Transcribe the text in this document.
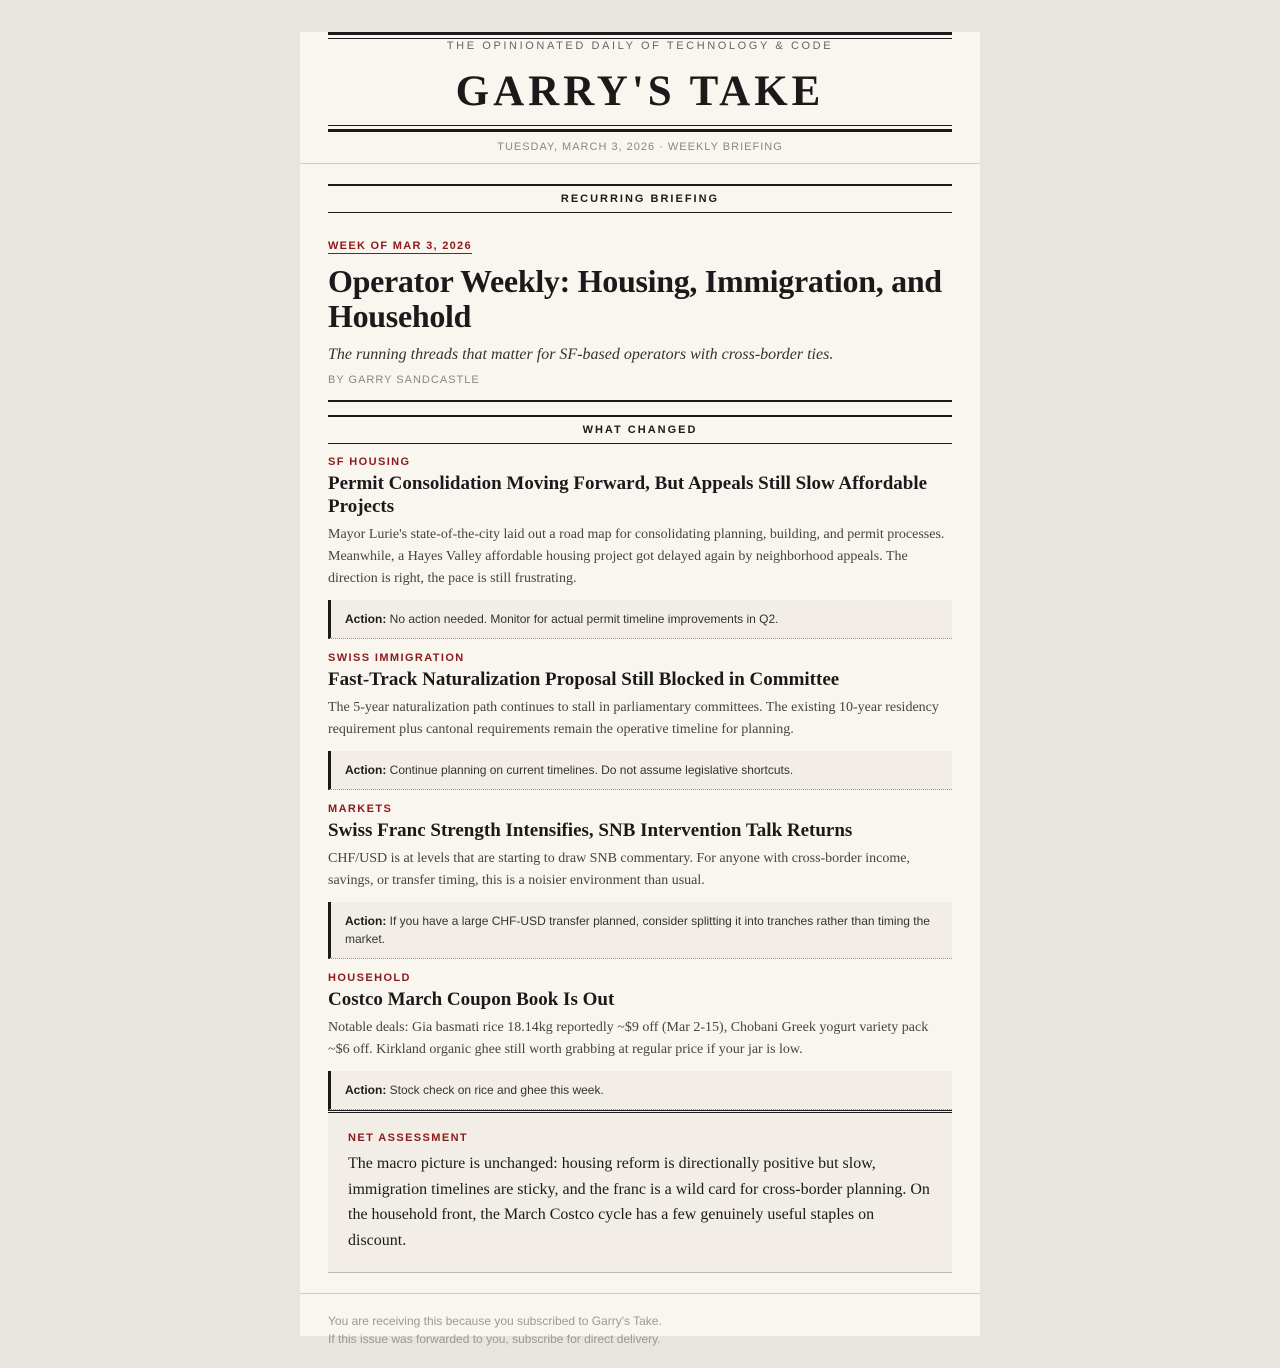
THE OPINIONATED DAILY OF TECHNOLOGY & CODE
GARRY'S TAKE
TUESDAY, MARCH 3, 2026 · WEEKLY BRIEFING
RECURRING BRIEFING
WEEK OF MAR 3, 2026
Operator Weekly: Housing, Immigration, and Household
The running threads that matter for SF-based operators with cross-border ties.
BY GARRY SANDCASTLE
WHAT CHANGED
SF HOUSING
Permit Consolidation Moving Forward, But Appeals Still Slow Affordable Projects
Mayor Lurie's state-of-the-city laid out a road map for consolidating planning, building, and permit processes. Meanwhile, a Hayes Valley affordable housing project got delayed again by neighborhood appeals. The direction is right, the pace is still frustrating.
Action: No action needed. Monitor for actual permit timeline improvements in Q2.
SWISS IMMIGRATION
Fast-Track Naturalization Proposal Still Blocked in Committee
The 5-year naturalization path continues to stall in parliamentary committees. The existing 10-year residency requirement plus cantonal requirements remain the operative timeline for planning.
Action: Continue planning on current timelines. Do not assume legislative shortcuts.
MARKETS
Swiss Franc Strength Intensifies, SNB Intervention Talk Returns
CHF/USD is at levels that are starting to draw SNB commentary. For anyone with cross-border income, savings, or transfer timing, this is a noisier environment than usual.
Action: If you have a large CHF-USD transfer planned, consider splitting it into tranches rather than timing the market.
HOUSEHOLD
Costco March Coupon Book Is Out
Notable deals: Gia basmati rice 18.14kg reportedly ~$9 off (Mar 2-15), Chobani Greek yogurt variety pack ~$6 off. Kirkland organic ghee still worth grabbing at regular price if your jar is low.
Action: Stock check on rice and ghee this week.
NET ASSESSMENT
The macro picture is unchanged: housing reform is directionally positive but slow, immigration timelines are sticky, and the franc is a wild card for cross-border planning. On the household front, the March Costco cycle has a few genuinely useful staples on discount.
You are receiving this because you subscribed to Garry's Take.
If this issue was forwarded to you, subscribe for direct delivery.
